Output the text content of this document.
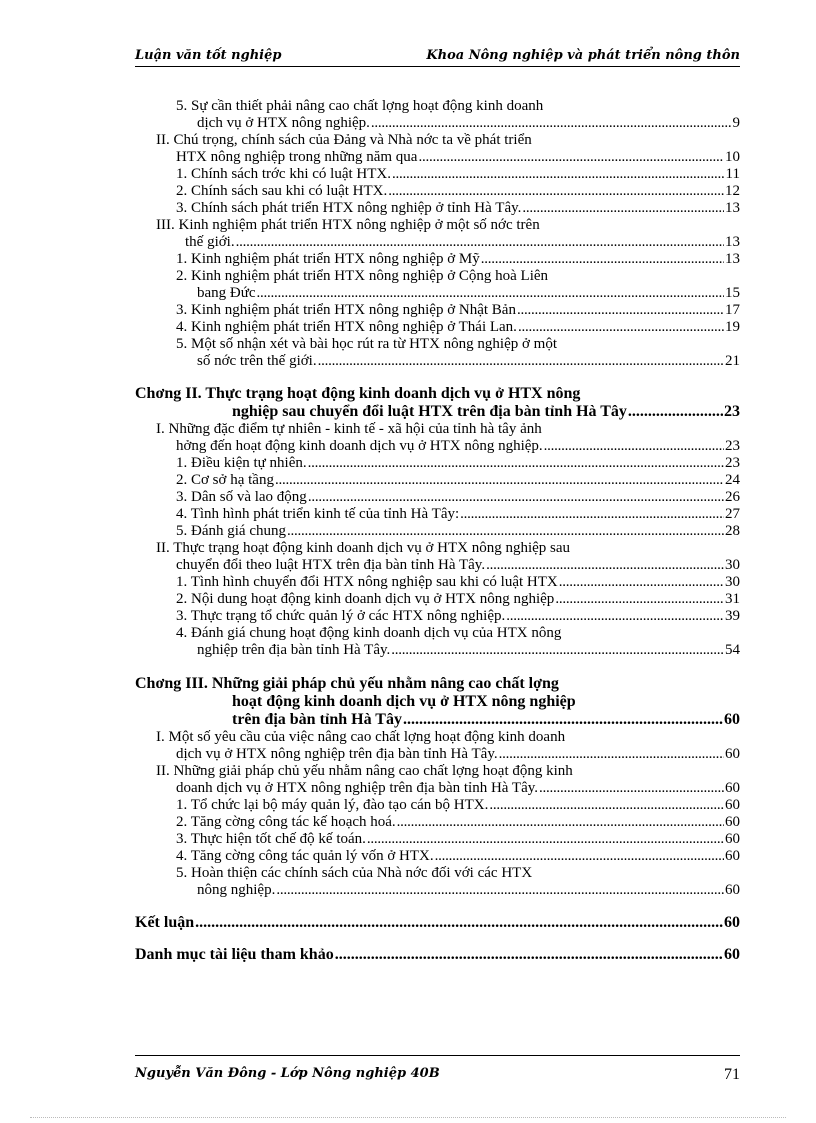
Luận văn tốt nghiệp	Khoa Nông nghiệp và phát triển nông thôn
5. Sự cần thiết phải nâng cao chất lợng hoạt động kinh doanh
dịch vụ ở HTX nông nghiệp. . . .	9
II. Chú trọng, chính sách của Đảng và Nhà nớc ta về phát triển
HTX nông nghiệp trong những năm qua . . .	10
1. Chính sách trớc khi có luật HTX. . . .	11
2. Chính sách sau khi có luật HTX. . . .	12
3. Chính sách phát triển HTX nông nghiệp ở tỉnh Hà Tây. . . .	13
III. Kinh nghiệm phát triển HTX nông nghiệp ở một số nớc trên
thế giới. . . .	13
1. Kinh nghiệm phát triển HTX nông nghiệp ở Mỹ . . .	13
2. Kinh nghiệm phát triển HTX nông nghiệp ở Cộng hoà Liên
bang Đức . . .	15
3. Kinh nghiệm phát triển HTX nông nghiệp ở Nhật Bản . . .	17
4. Kinh nghiệm phát triển HTX nông nghiệp ở Thái Lan. . . .	19
5. Một số nhận xét và bài học rút ra từ HTX nông nghiệp ở một
số nớc trên thế giới. . . .	21
Chơng II. Thực trạng hoạt động kinh doanh dịch vụ ở HTX nông
nghiệp sau chuyển đổi luật HTX trên địa bàn tỉnh Hà Tây . . .	23
I. Những đặc điểm tự nhiên - kinh tế - xã hội của tỉnh hà tây ảnh
hởng đến hoạt động kinh doanh dịch vụ ở HTX nông nghiệp. . . .	23
1. Điều kiện tự nhiên. . . .	23
2. Cơ sở hạ tầng . . .	24
3. Dân số và lao động . . .	26
4. Tình hình phát triển kinh tế của tỉnh Hà Tây: . . .	27
5. Đánh giá chung . . .	28
II. Thực trạng hoạt động kinh doanh dịch vụ ở HTX nông nghiệp sau
chuyển đổi theo luật HTX trên địa bàn tỉnh Hà Tây. . . .	30
1. Tình hình chuyển đổi HTX nông nghiệp sau khi có luật HTX . . .	30
2. Nội dung hoạt động kinh doanh dịch vụ ở HTX nông nghiệp . . .	31
3. Thực trạng tổ chức quản lý ở các HTX nông nghiệp. . . .	39
4. Đánh giá chung hoạt động kinh doanh dịch vụ của HTX nông
nghiệp trên địa bàn tỉnh Hà Tây. . . .	54
Chơng III. Những giải pháp chủ yếu nhằm nâng cao chất lợng
hoạt động kinh doanh dịch vụ ở HTX nông nghiệp
trên địa bàn tỉnh Hà Tây . . .	60
I. Một số yêu cầu của việc nâng cao chất lợng hoạt động kinh doanh
dịch vụ ở HTX nông nghiệp trên địa bàn tỉnh Hà Tây. . . .	60
II. Những giải pháp chủ yếu nhằm nâng cao chất lợng hoạt động kinh
doanh dịch vụ ở HTX nông nghiệp trên địa bàn tỉnh Hà Tây. . . .	60
1. Tổ chức lại bộ máy quản lý, đào tạo cán bộ HTX. . . .	60
2. Tăng cờng công tác kế hoạch hoá. . . .	60
3. Thực hiện tốt chế độ kế toán. . . .	60
4. Tăng cờng công tác quản lý vốn ở HTX. . . .	60
5. Hoàn thiện các chính sách của Nhà nớc đối với các HTX
nông nghiệp. . . .	60
Kết luận . . .	60
Danh mục tài liệu tham khảo . . .	60
Nguyễn Văn Đông - Lớp Nông nghiệp 40B	71
